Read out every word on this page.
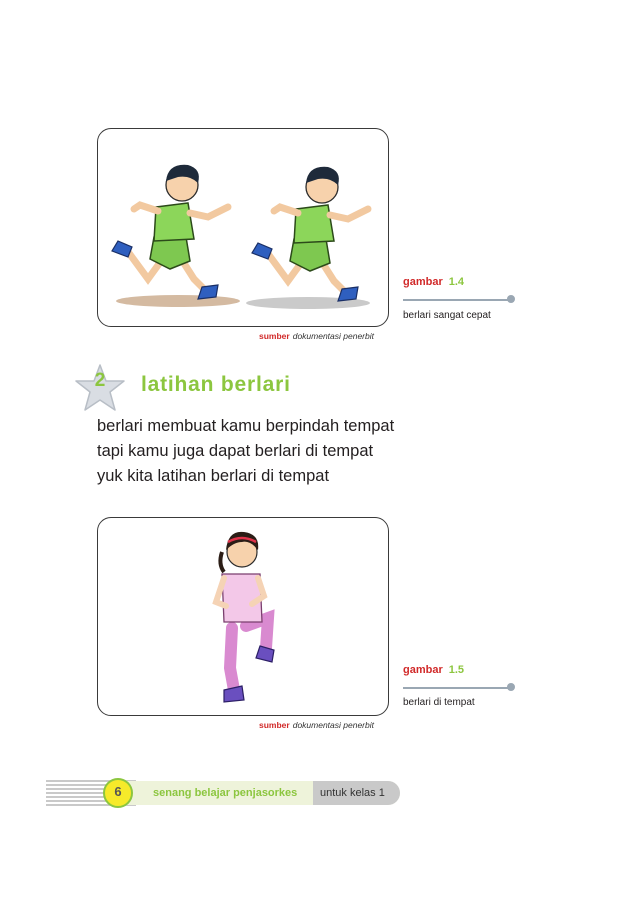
sumber dokumentasi penerbit
gambar 1.4
berlari sangat cepat
2	latihan berlari
berlari membuat kamu berpindah tempat
tapi kamu juga dapat berlari di tempat
yuk kita latihan berlari di tempat
sumber dokumentasi penerbit
gambar 1.5
berlari di tempat
6	senang belajar penjasorkes untuk kelas 1
